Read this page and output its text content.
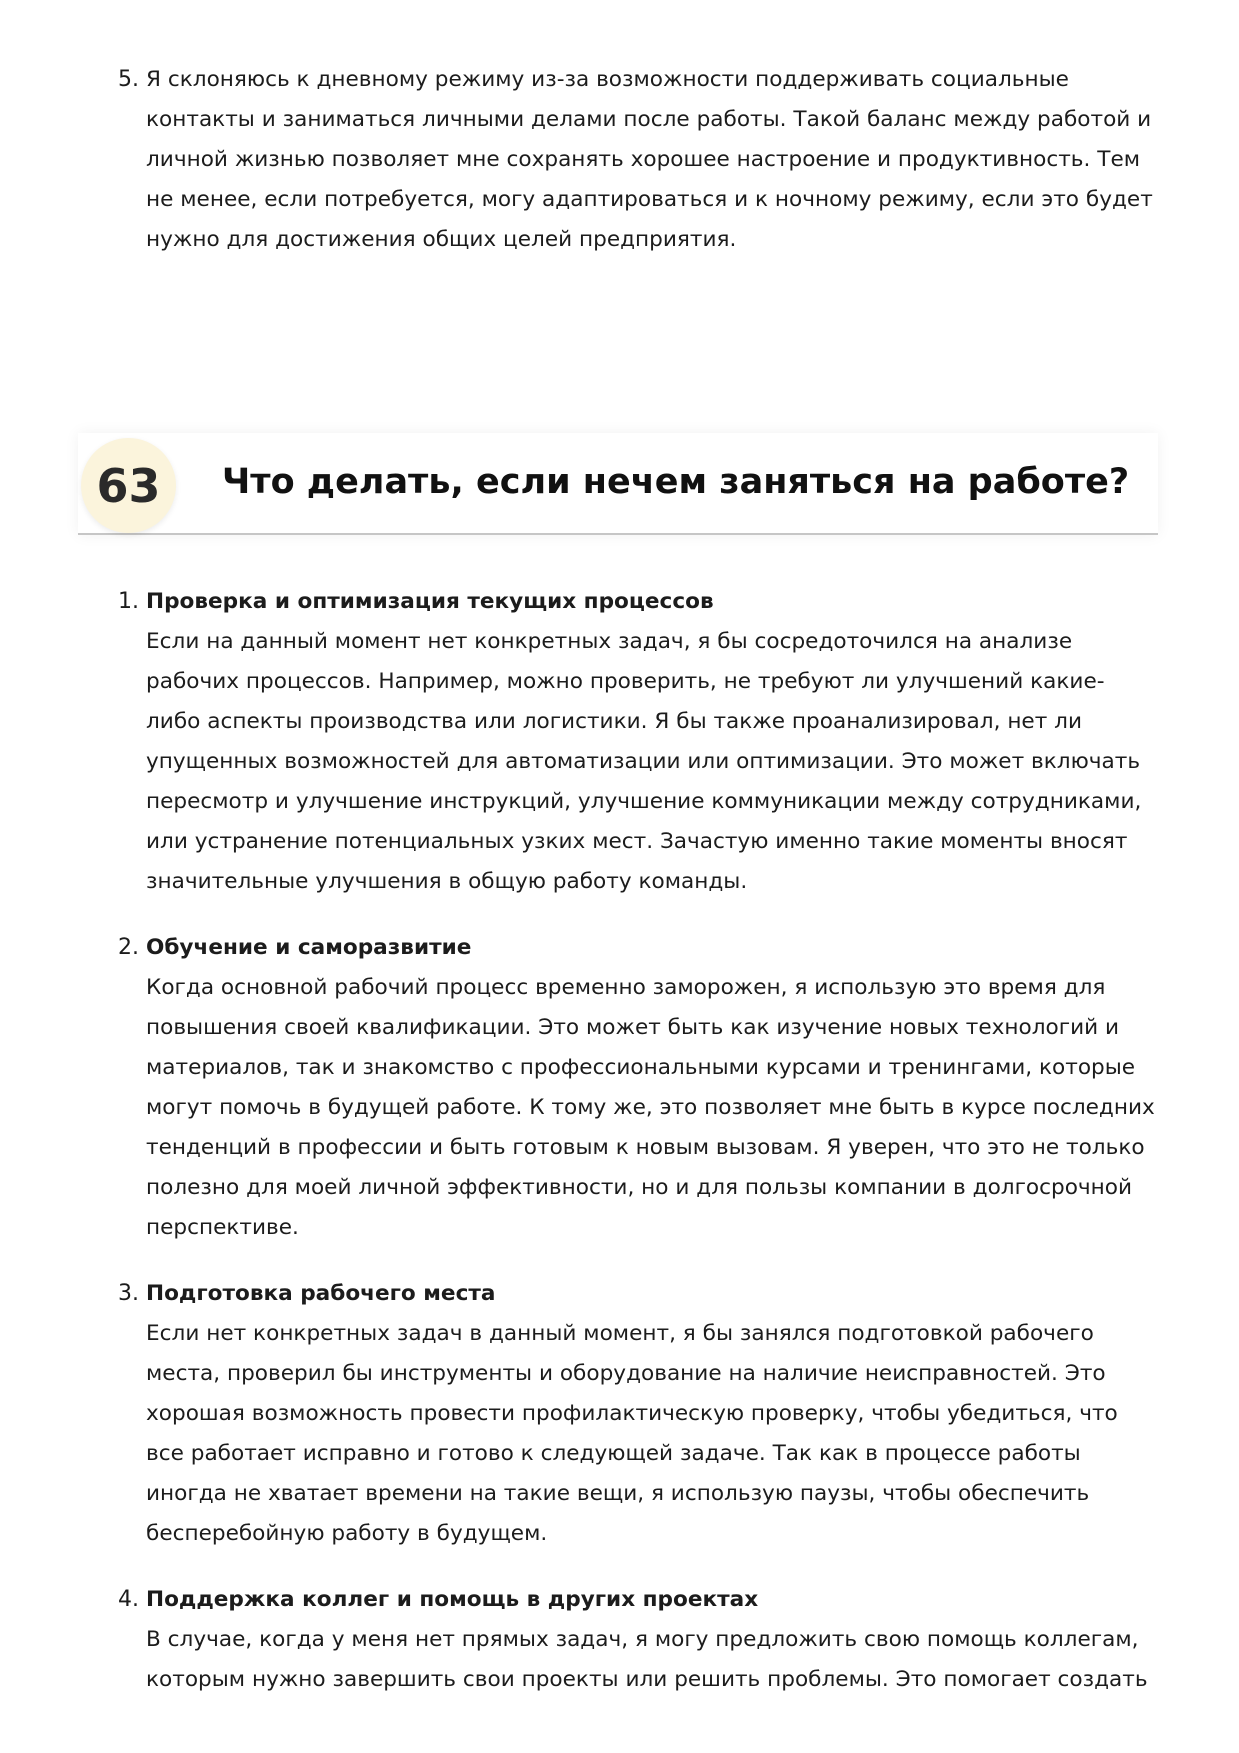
5. Я склоняюсь к дневному режиму из-за возможности поддерживать социальные
контакты и заниматься личными делами после работы. Такой баланс между работой и
личной жизнью позволяет мне сохранять хорошее настроение и продуктивность. Тем
не менее, если потребуется, могу адаптироваться и к ночному режиму, если это будет
нужно для достижения общих целей предприятия.
63	Что делать, если нечем заняться на работе?
1. Проверка и оптимизация текущих процессов
Если на данный момент нет конкретных задач, я бы сосредоточился на анализе
рабочих процессов. Например, можно проверить, не требуют ли улучшений какие-
либо аспекты производства или логистики. Я бы также проанализировал, нет ли
упущенных возможностей для автоматизации или оптимизации. Это может включать
пересмотр и улучшение инструкций, улучшение коммуникации между сотрудниками,
или устранение потенциальных узких мест. Зачастую именно такие моменты вносят
значительные улучшения в общую работу команды.
2. Обучение и саморазвитие
Когда основной рабочий процесс временно заморожен, я использую это время для
повышения своей квалификации. Это может быть как изучение новых технологий и
материалов, так и знакомство с профессиональными курсами и тренингами, которые
могут помочь в будущей работе. К тому же, это позволяет мне быть в курсе последних
тенденций в профессии и быть готовым к новым вызовам. Я уверен, что это не только
полезно для моей личной эффективности, но и для пользы компании в долгосрочной
перспективе.
3. Подготовка рабочего места
Если нет конкретных задач в данный момент, я бы занялся подготовкой рабочего
места, проверил бы инструменты и оборудование на наличие неисправностей. Это
хорошая возможность провести профилактическую проверку, чтобы убедиться, что
все работает исправно и готово к следующей задаче. Так как в процессе работы
иногда не хватает времени на такие вещи, я использую паузы, чтобы обеспечить
бесперебойную работу в будущем.
4. Поддержка коллег и помощь в других проектах
В случае, когда у меня нет прямых задач, я могу предложить свою помощь коллегам,
которым нужно завершить свои проекты или решить проблемы. Это помогает создать
